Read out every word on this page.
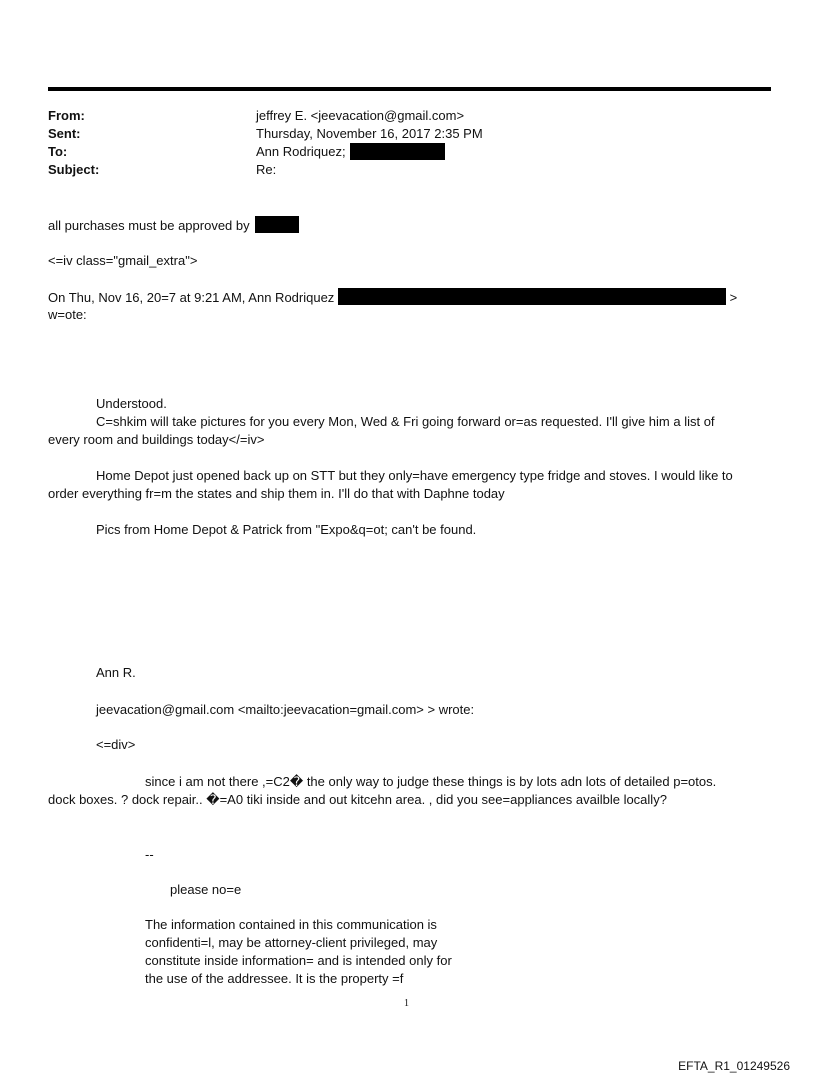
From:	jeffrey E. <jeevacation@gmail.com>
Sent:	Thursday, November 16, 2017 2:35 PM
To:	Ann Rodriquez;
Subject:	Re:
all purchases must be approved by
<=iv class="gmail_extra">
On Thu, Nov 16, 20=7 at 9:21 AM, Ann Rodriquez	>
w=ote:
Understood.
C=shkim will take pictures for you every Mon, Wed & Fri going forward or=as requested. I'll give him a list of
every room and buildings today</=iv>
Home Depot just opened back up on STT but they only=have emergency type fridge and stoves. I would like to
order everything fr=m the states and ship them in. I'll do that with Daphne today
Pics from Home Depot & Patrick from "Expo&q=ot; can't be found.
Ann R.
jeevacation@gmail.com <mailto:jeevacation=gmail.com> > wrote:
<=div>
since i am not there ,=C2� the only way to judge these things is by lots adn lots of detailed p=otos.
dock boxes. ? dock repair.. �=A0 tiki inside and out kitcehn area. , did you see=appliances availble locally?
--
please no=e
The information contained in this communication is
confidenti=l, may be attorney-client privileged, may
constitute inside information= and is intended only for
the use of the addressee. It is the property =f
1
EFTA_R1_01249526
